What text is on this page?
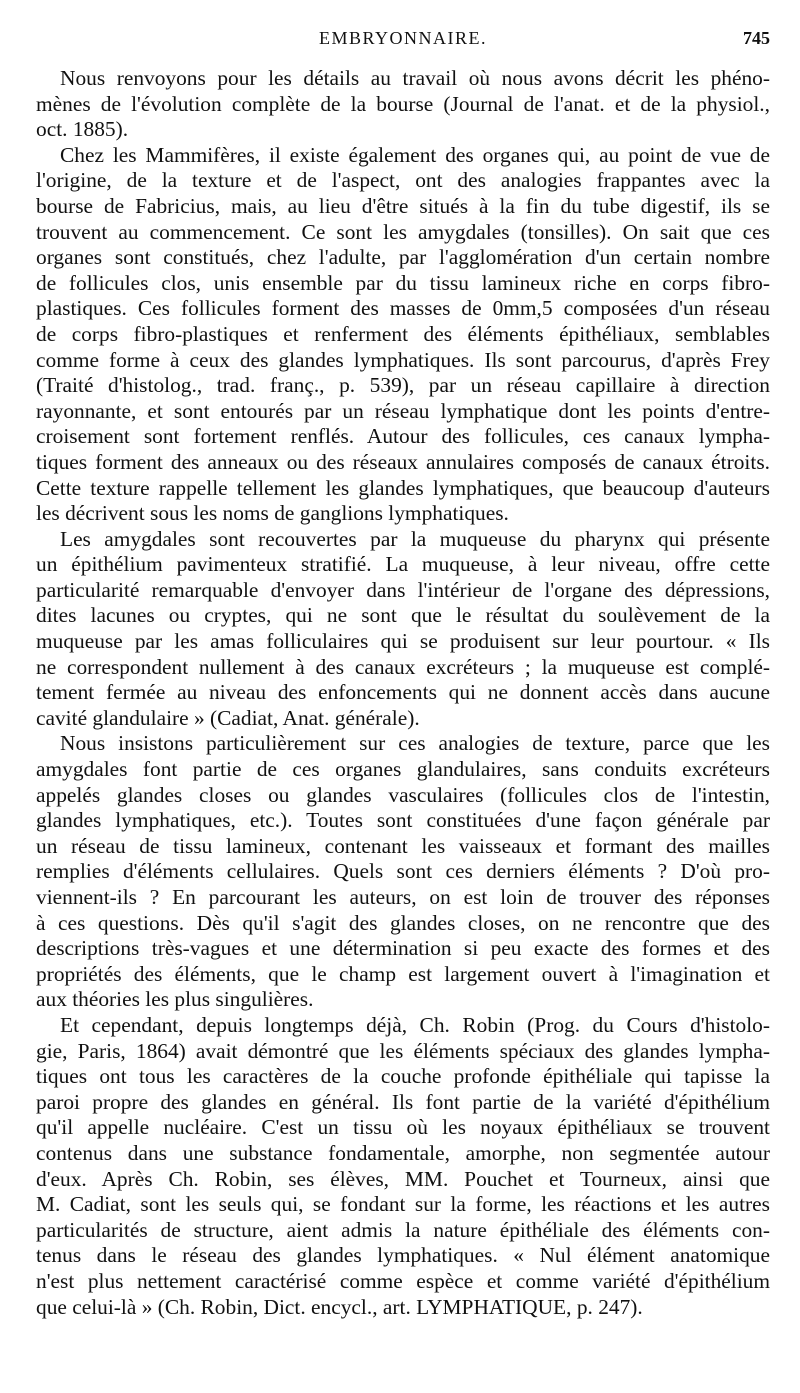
EMBRYONNAIRE.	745
Nous renvoyons pour les détails au travail où nous avons décrit les phéno-
mènes de l'évolution complète de la bourse (Journal de l'anat. et de la physiol.,
oct. 1885).
Chez les Mammifères, il existe également des organes qui, au point de vue de
l'origine, de la texture et de l'aspect, ont des analogies frappantes avec la
bourse de Fabricius, mais, au lieu d'être situés à la fin du tube digestif, ils se
trouvent au commencement. Ce sont les amygdales (tonsilles). On sait que ces
organes sont constitués, chez l'adulte, par l'agglomération d'un certain nombre
de follicules clos, unis ensemble par du tissu lamineux riche en corps fibro-
plastiques. Ces follicules forment des masses de 0mm,5 composées d'un réseau
de corps fibro-plastiques et renferment des éléments épithéliaux, semblables
comme forme à ceux des glandes lymphatiques. Ils sont parcourus, d'après Frey
(Traité d'histolog., trad. franç., p. 539), par un réseau capillaire à direction
rayonnante, et sont entourés par un réseau lymphatique dont les points d'entre-
croisement sont fortement renflés. Autour des follicules, ces canaux lympha-
tiques forment des anneaux ou des réseaux annulaires composés de canaux étroits.
Cette texture rappelle tellement les glandes lymphatiques, que beaucoup d'auteurs
les décrivent sous les noms de ganglions lymphatiques.
Les amygdales sont recouvertes par la muqueuse du pharynx qui présente
un épithélium pavimenteux stratifié. La muqueuse, à leur niveau, offre cette
particularité remarquable d'envoyer dans l'intérieur de l'organe des dépressions,
dites lacunes ou cryptes, qui ne sont que le résultat du soulèvement de la
muqueuse par les amas folliculaires qui se produisent sur leur pourtour. « Ils
ne correspondent nullement à des canaux excréteurs ; la muqueuse est complé-
tement fermée au niveau des enfoncements qui ne donnent accès dans aucune
cavité glandulaire » (Cadiat, Anat. générale).
Nous insistons particulièrement sur ces analogies de texture, parce que les
amygdales font partie de ces organes glandulaires, sans conduits excréteurs
appelés glandes closes ou glandes vasculaires (follicules clos de l'intestin,
glandes lymphatiques, etc.). Toutes sont constituées d'une façon générale par
un réseau de tissu lamineux, contenant les vaisseaux et formant des mailles
remplies d'éléments cellulaires. Quels sont ces derniers éléments ? D'où pro-
viennent-ils ? En parcourant les auteurs, on est loin de trouver des réponses
à ces questions. Dès qu'il s'agit des glandes closes, on ne rencontre que des
descriptions très-vagues et une détermination si peu exacte des formes et des
propriétés des éléments, que le champ est largement ouvert à l'imagination et
aux théories les plus singulières.
Et cependant, depuis longtemps déjà, Ch. Robin (Prog. du Cours d'histolo-
gie, Paris, 1864) avait démontré que les éléments spéciaux des glandes lympha-
tiques ont tous les caractères de la couche profonde épithéliale qui tapisse la
paroi propre des glandes en général. Ils font partie de la variété d'épithélium
qu'il appelle nucléaire. C'est un tissu où les noyaux épithéliaux se trouvent
contenus dans une substance fondamentale, amorphe, non segmentée autour
d'eux. Après Ch. Robin, ses élèves, MM. Pouchet et Tourneux, ainsi que
M. Cadiat, sont les seuls qui, se fondant sur la forme, les réactions et les autres
particularités de structure, aient admis la nature épithéliale des éléments con-
tenus dans le réseau des glandes lymphatiques. « Nul élément anatomique
n'est plus nettement caractérisé comme espèce et comme variété d'épithélium
que celui-là » (Ch. Robin, Dict. encycl., art. LYMPHATIQUE, p. 247).
